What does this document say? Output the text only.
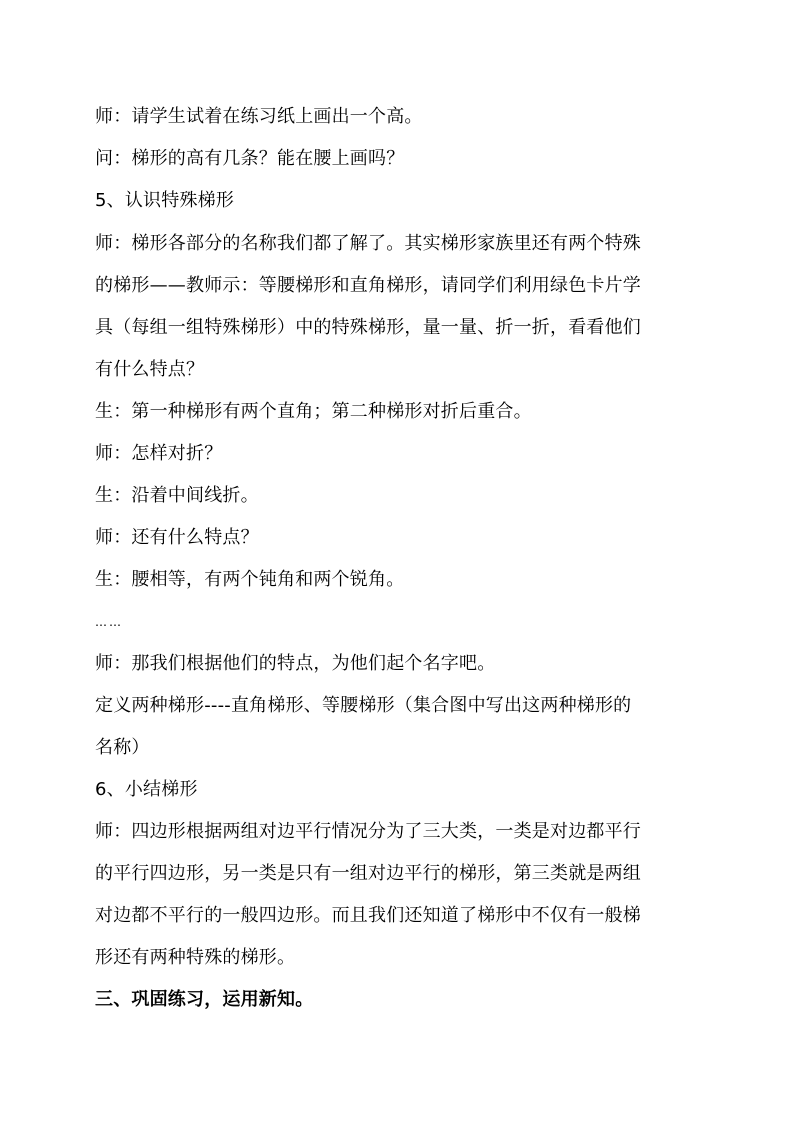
师：请学生试着在练习纸上画出一个高。
问：梯形的高有几条？能在腰上画吗？
5、认识特殊梯形
师：梯形各部分的名称我们都了解了。其实梯形家族里还有两个特殊
的梯形——教师示：等腰梯形和直角梯形，请同学们利用绿色卡片学
具（每组一组特殊梯形）中的特殊梯形，量一量、折一折，看看他们
有什么特点？
生：第一种梯形有两个直角；第二种梯形对折后重合。
师：怎样对折？
生：沿着中间线折。
师：还有什么特点？
生：腰相等，有两个钝角和两个锐角。
……
师：那我们根据他们的特点，为他们起个名字吧。
定义两种梯形----直角梯形、等腰梯形（集合图中写出这两种梯形的
名称）
6、小结梯形
师：四边形根据两组对边平行情况分为了三大类，一类是对边都平行
的平行四边形，另一类是只有一组对边平行的梯形，第三类就是两组
对边都不平行的一般四边形。而且我们还知道了梯形中不仅有一般梯
形还有两种特殊的梯形。
三、巩固练习，运用新知。
